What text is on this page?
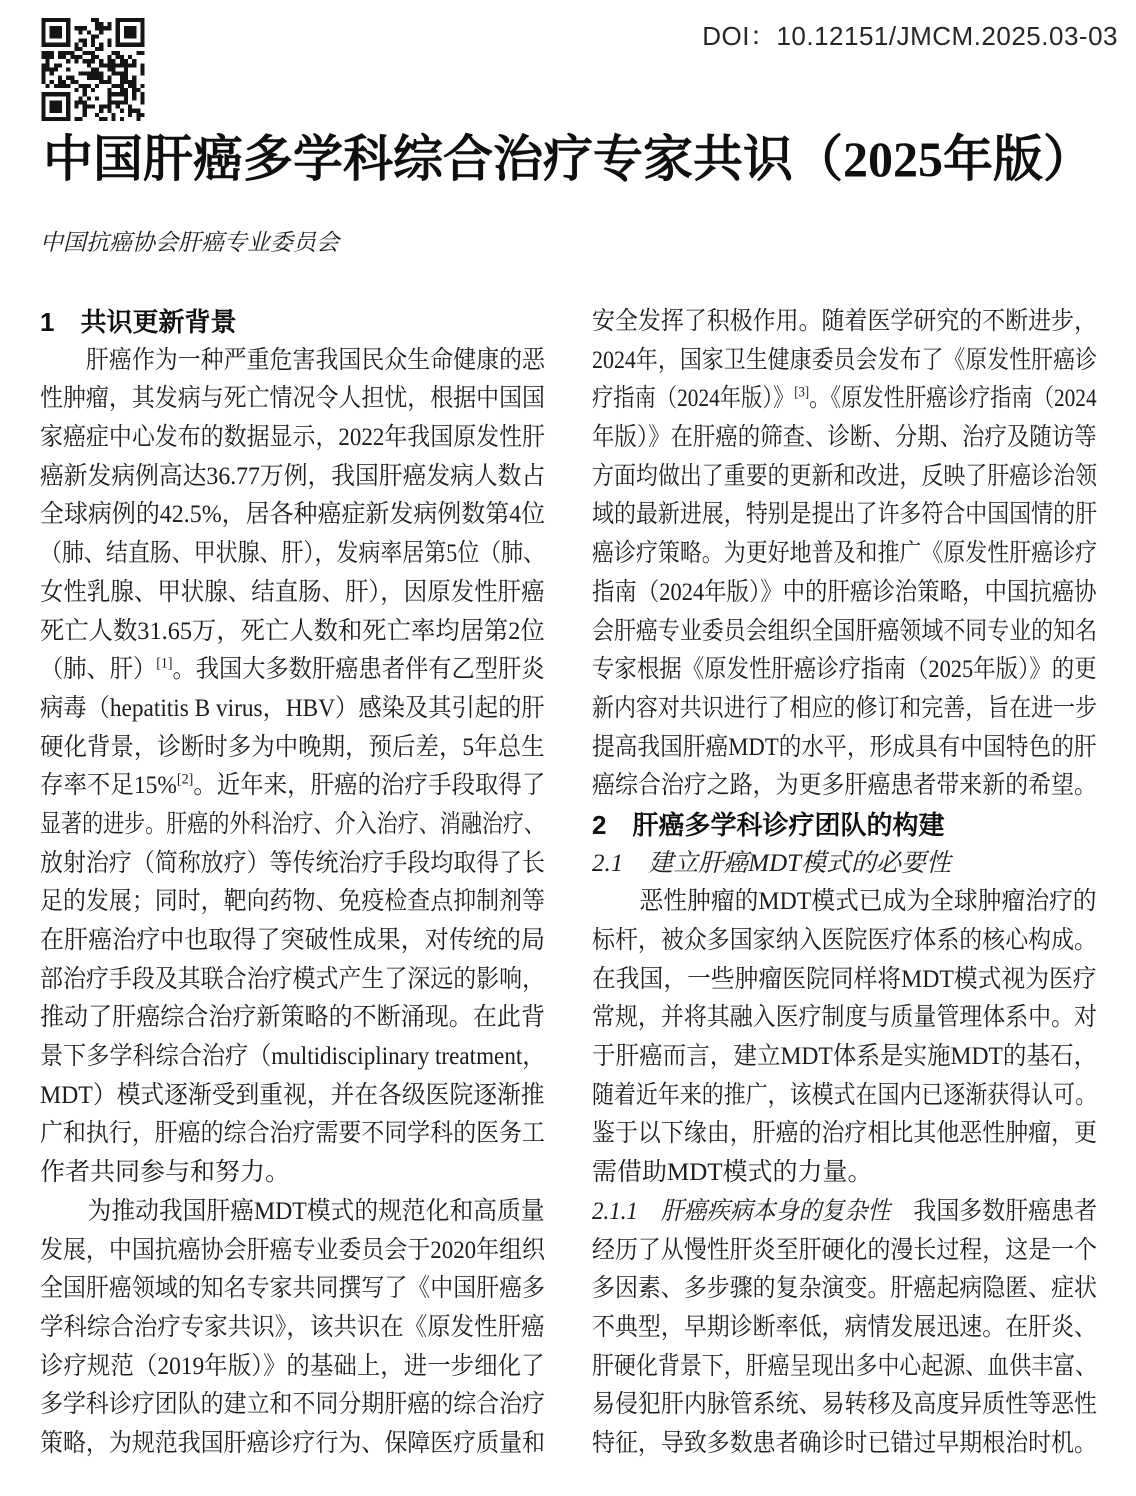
DOI：10.12151/JMCM.2025.03-03
中国肝癌多学科综合治疗专家共识（2025年版）
中国抗癌协会肝癌专业委员会
1　共识更新背景
　　肝癌作为一种严重危害我国民众生命健康的恶
性肿瘤，其发病与死亡情况令人担忧，根据中国国
家癌症中心发布的数据显示，2022年我国原发性肝
癌新发病例高达36.77万例，我国肝癌发病人数占
全球病例的42.5%，居各种癌症新发病例数第4位
（肺、结直肠、甲状腺、肝），发病率居第5位（肺、
女性乳腺、甲状腺、结直肠、肝），因原发性肝癌
死亡人数31.65万，死亡人数和死亡率均居第2位
（肺、肝）[1]。我国大多数肝癌患者伴有乙型肝炎
病毒（hepatitis B virus，HBV）感染及其引起的肝
硬化背景，诊断时多为中晚期，预后差，5年总生
存率不足15%[2]。近年来，肝癌的治疗手段取得了
显著的进步。肝癌的外科治疗、介入治疗、消融治疗、
放射治疗（简称放疗）等传统治疗手段均取得了长
足的发展；同时，靶向药物、免疫检查点抑制剂等
在肝癌治疗中也取得了突破性成果，对传统的局
部治疗手段及其联合治疗模式产生了深远的影响，
推动了肝癌综合治疗新策略的不断涌现。在此背
景下多学科综合治疗（multidisciplinary treatment，
MDT）模式逐渐受到重视，并在各级医院逐渐推
广和执行，肝癌的综合治疗需要不同学科的医务工
作者共同参与和努力。
　　为推动我国肝癌MDT模式的规范化和高质量
发展，中国抗癌协会肝癌专业委员会于2020年组织
全国肝癌领域的知名专家共同撰写了《中国肝癌多
学科综合治疗专家共识》，该共识在《原发性肝癌
诊疗规范（2019年版）》的基础上，进一步细化了
多学科诊疗团队的建立和不同分期肝癌的综合治疗
策略，为规范我国肝癌诊疗行为、保障医疗质量和
安全发挥了积极作用。随着医学研究的不断进步，
2024年，国家卫生健康委员会发布了《原发性肝癌诊
疗指南（2024年版）》[3]。《原发性肝癌诊疗指南（2024
年版）》在肝癌的筛查、诊断、分期、治疗及随访等
方面均做出了重要的更新和改进，反映了肝癌诊治领
域的最新进展，特别是提出了许多符合中国国情的肝
癌诊疗策略。为更好地普及和推广《原发性肝癌诊疗
指南（2024年版）》中的肝癌诊治策略，中国抗癌协
会肝癌专业委员会组织全国肝癌领域不同专业的知名
专家根据《原发性肝癌诊疗指南（2025年版）》的更
新内容对共识进行了相应的修订和完善，旨在进一步
提高我国肝癌MDT的水平，形成具有中国特色的肝
癌综合治疗之路，为更多肝癌患者带来新的希望。
2　肝癌多学科诊疗团队的构建
2.1　建立肝癌MDT模式的必要性
　　恶性肿瘤的MDT模式已成为全球肿瘤治疗的
标杆，被众多国家纳入医院医疗体系的核心构成。
在我国，一些肿瘤医院同样将MDT模式视为医疗
常规，并将其融入医疗制度与质量管理体系中。对
于肝癌而言，建立MDT体系是实施MDT的基石，
随着近年来的推广，该模式在国内已逐渐获得认可。
鉴于以下缘由，肝癌的治疗相比其他恶性肿瘤，更
需借助MDT模式的力量。
2.1.1　肝癌疾病本身的复杂性　我国多数肝癌患者
经历了从慢性肝炎至肝硬化的漫长过程，这是一个
多因素、多步骤的复杂演变。肝癌起病隐匿、症状
不典型，早期诊断率低，病情发展迅速。在肝炎、
肝硬化背景下，肝癌呈现出多中心起源、血供丰富、
易侵犯肝内脉管系统、易转移及高度异质性等恶性
特征，导致多数患者确诊时已错过早期根治时机。
